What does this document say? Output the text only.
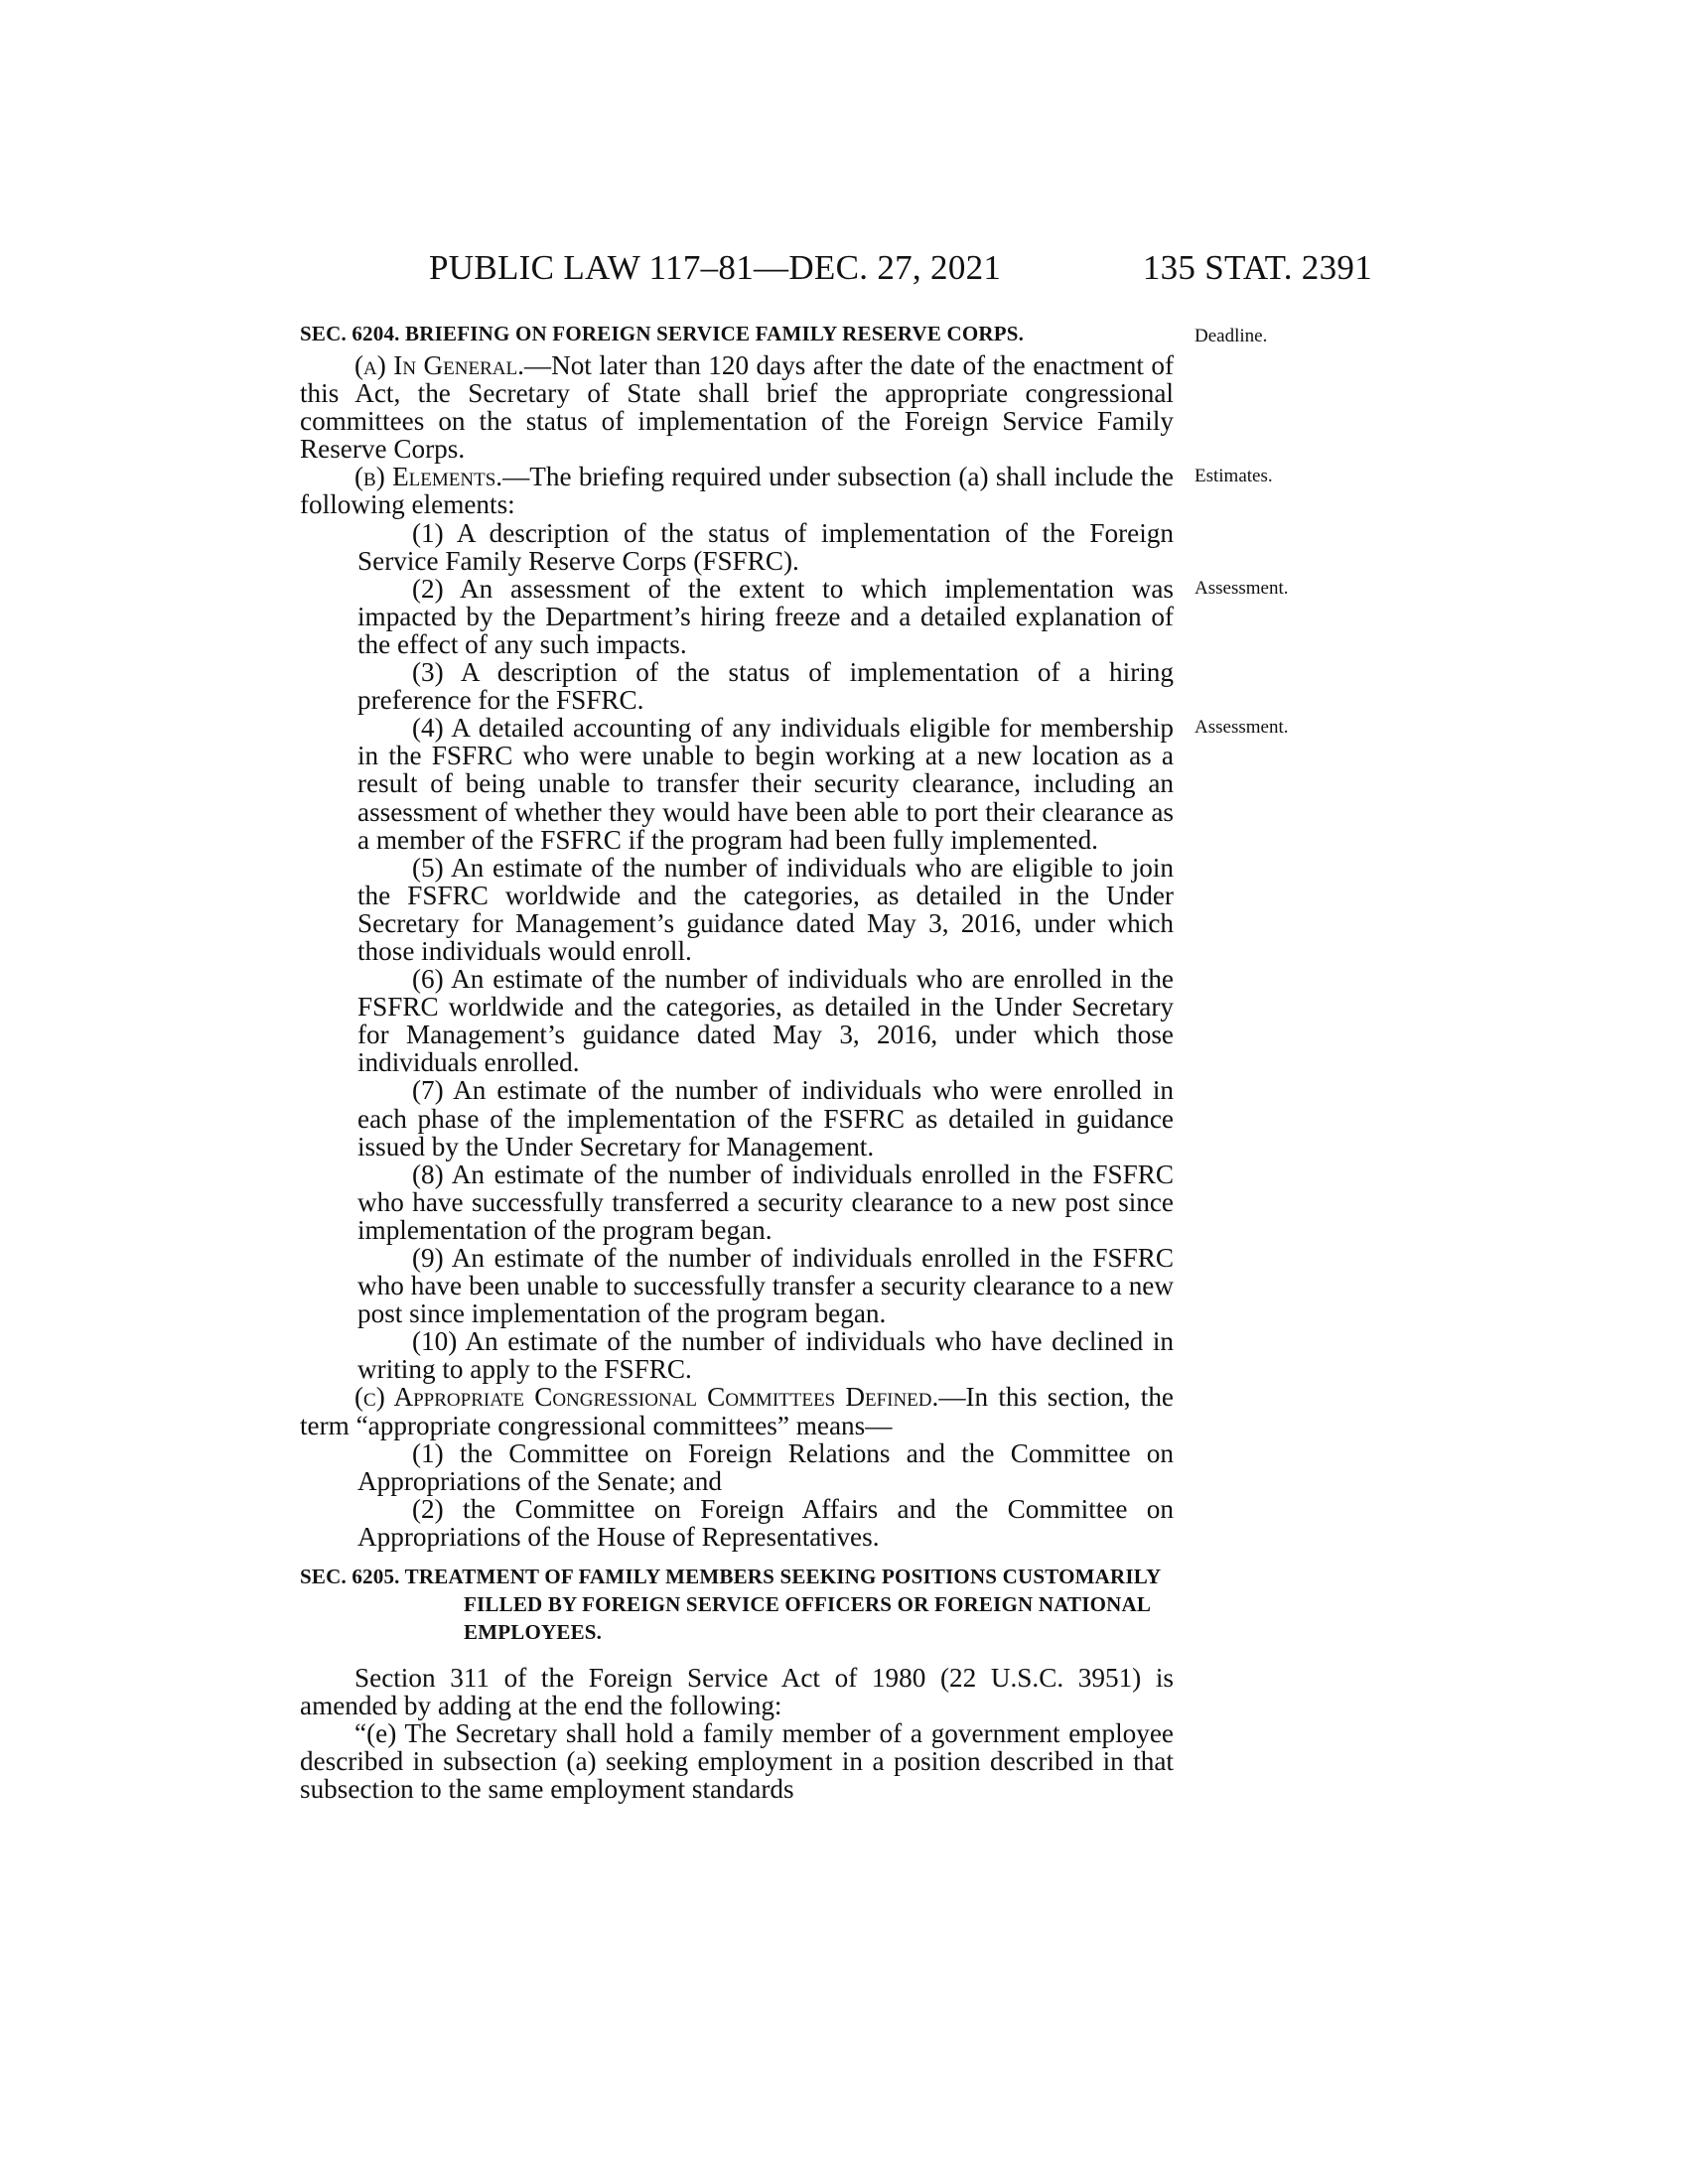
PUBLIC LAW 117–81—DEC. 27, 2021	135 STAT. 2391

SEC. 6204. BRIEFING ON FOREIGN SERVICE FAMILY RESERVE CORPS.

(a) In General.—Not later than 120 days after the date of the enactment of this Act, the Secretary of State shall brief the appropriate congressional committees on the status of implementation of the Foreign Service Family Reserve Corps.

(b) Elements.—The briefing required under subsection (a) shall include the following elements:

(1) A description of the status of implementation of the Foreign Service Family Reserve Corps (FSFRC).

(2) An assessment of the extent to which implementation was impacted by the Department’s hiring freeze and a detailed explanation of the effect of any such impacts.

(3) A description of the status of implementation of a hiring preference for the FSFRC.

(4) A detailed accounting of any individuals eligible for membership in the FSFRC who were unable to begin working at a new location as a result of being unable to transfer their security clearance, including an assessment of whether they would have been able to port their clearance as a member of the FSFRC if the program had been fully implemented.

(5) An estimate of the number of individuals who are eligible to join the FSFRC worldwide and the categories, as detailed in the Under Secretary for Management’s guidance dated May 3, 2016, under which those individuals would enroll.

(6) An estimate of the number of individuals who are enrolled in the FSFRC worldwide and the categories, as detailed in the Under Secretary for Management’s guidance dated May 3, 2016, under which those individuals enrolled.

(7) An estimate of the number of individuals who were enrolled in each phase of the implementation of the FSFRC as detailed in guidance issued by the Under Secretary for Management.

(8) An estimate of the number of individuals enrolled in the FSFRC who have successfully transferred a security clearance to a new post since implementation of the program began.

(9) An estimate of the number of individuals enrolled in the FSFRC who have been unable to successfully transfer a security clearance to a new post since implementation of the program began.

(10) An estimate of the number of individuals who have declined in writing to apply to the FSFRC.

(c) Appropriate Congressional Committees Defined.—In this section, the term “appropriate congressional committees” means—

(1) the Committee on Foreign Relations and the Committee on Appropriations of the Senate; and

(2) the Committee on Foreign Affairs and the Committee on Appropriations of the House of Representatives.

SEC. 6205. TREATMENT OF FAMILY MEMBERS SEEKING POSITIONS CUSTOMARILY FILLED BY FOREIGN SERVICE OFFICERS OR FOREIGN NATIONAL EMPLOYEES.

Section 311 of the Foreign Service Act of 1980 (22 U.S.C. 3951) is amended by adding at the end the following:

“(e) The Secretary shall hold a family member of a government employee described in subsection (a) seeking employment in a position described in that subsection to the same employment standards

Deadline.
Estimates.
Assessment.
Assessment.
